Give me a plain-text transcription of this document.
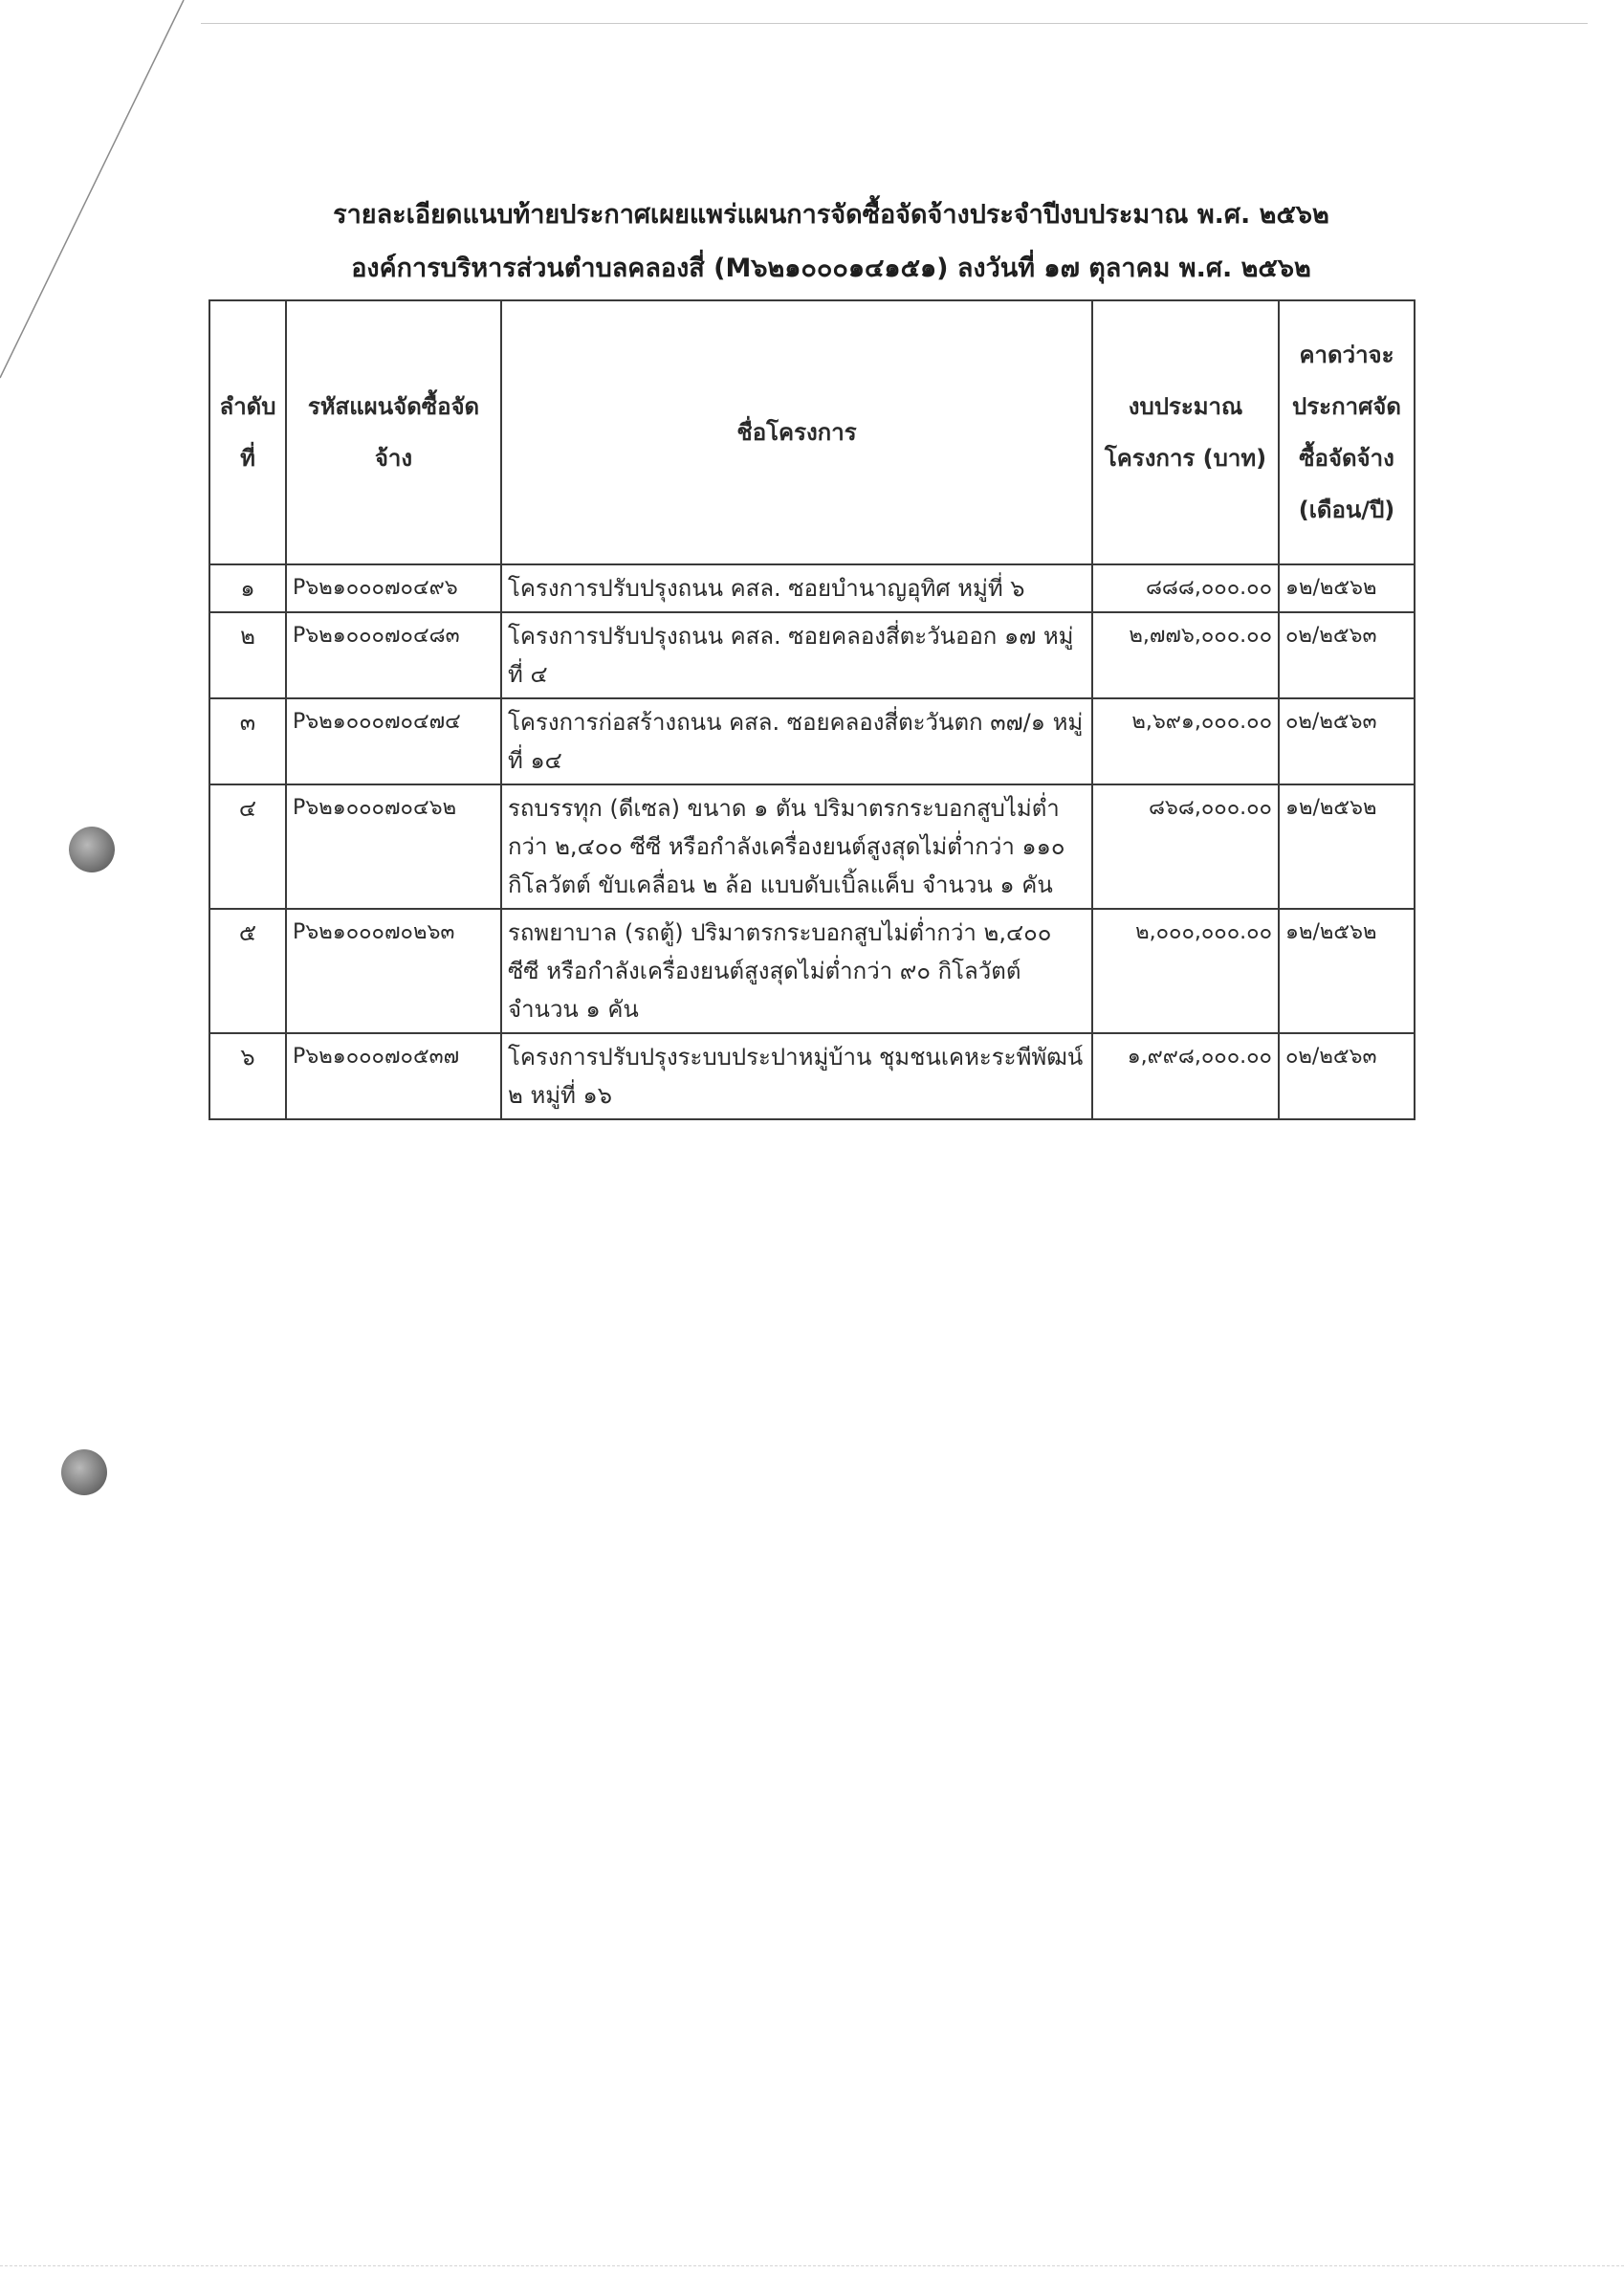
รายละเอียดแนบท้ายประกาศเผยแพร่แผนการจัดซื้อจัดจ้างประจำปีงบประมาณ พ.ศ. ๒๕๖๒
องค์การบริหารส่วนตำบลคลองสี่ (M๖๒๑๐๐๐๑๔๑๕๑) ลงวันที่ ๑๗ ตุลาคม พ.ศ. ๒๕๖๒
ลำดับที่	รหัสแผนจัดซื้อจัดจ้าง	ชื่อโครงการ	งบประมาณโครงการ (บาท)	คาดว่าจะประกาศจัดซื้อจัดจ้าง (เดือน/ปี)
๑	P๖๒๑๐๐๐๗๐๔๙๖	โครงการปรับปรุงถนน คสล. ซอยบำนาญอุทิศ หมู่ที่ ๖	๘๘๘,๐๐๐.๐๐	๑๒/๒๕๖๒
๒	P๖๒๑๐๐๐๗๐๔๘๓	โครงการปรับปรุงถนน คสล. ซอยคลองสี่ตะวันออก ๑๗ หมู่ที่ ๔	๒,๗๗๖,๐๐๐.๐๐	๐๒/๒๕๖๓
๓	P๖๒๑๐๐๐๗๐๔๗๔	โครงการก่อสร้างถนน คสล. ซอยคลองสี่ตะวันตก ๓๗/๑ หมู่ที่ ๑๔	๒,๖๙๑,๐๐๐.๐๐	๐๒/๒๕๖๓
๔	P๖๒๑๐๐๐๗๐๔๖๒	รถบรรทุก (ดีเซล) ขนาด ๑ ตัน ปริมาตรกระบอกสูบไม่ต่ำกว่า ๒,๔๐๐ ซีซี หรือกำลังเครื่องยนต์สูงสุดไม่ต่ำกว่า ๑๑๐ กิโลวัตต์ ขับเคลื่อน ๒ ล้อ แบบดับเบิ้ลแค็บ จำนวน ๑ คัน	๘๖๘,๐๐๐.๐๐	๑๒/๒๕๖๒
๕	P๖๒๑๐๐๐๗๐๒๖๓	รถพยาบาล (รถตู้) ปริมาตรกระบอกสูบไม่ต่ำกว่า ๒,๔๐๐ ซีซี หรือกำลังเครื่องยนต์สูงสุดไม่ต่ำกว่า ๙๐ กิโลวัตต์ จำนวน ๑ คัน	๒,๐๐๐,๐๐๐.๐๐	๑๒/๒๕๖๒
๖	P๖๒๑๐๐๐๗๐๕๓๗	โครงการปรับปรุงระบบประปาหมู่บ้าน ชุมชนเคหะระพีพัฒน์ ๒ หมู่ที่ ๑๖	๑,๙๙๘,๐๐๐.๐๐	๐๒/๒๕๖๓
